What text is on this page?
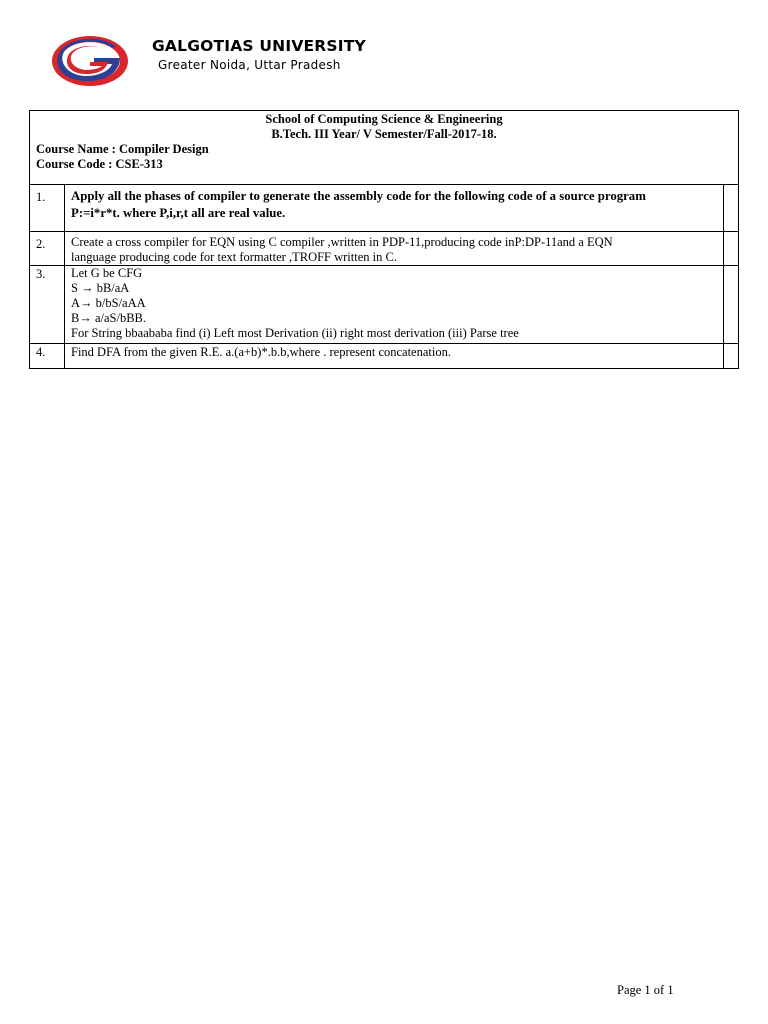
GALGOTIAS UNIVERSITY
Greater Noida, Uttar Pradesh
School of Computing Science & Engineering
B.Tech. III Year/ V Semester/Fall-2017-18.
Course Name : Compiler Design
Course Code : CSE-313
1. Apply all the phases of compiler to generate the assembly code for the following code of a source program
P:=i*r*t. where P,i,r,t all are real value.
2. Create a cross compiler for EQN using C compiler ,written in PDP-11,producing code inP:DP-11and a EQN
language producing code for text formatter ,TROFF written in C.
3. Let G be CFG
S → bB/aA
A→ b/bS/aAA
B→ a/aS/bBB.
For String bbaababa find (i) Left most Derivation (ii) right most derivation (iii) Parse tree
4. Find DFA from the given R.E. a.(a+b)*.b.b,where . represent concatenation.
Page 1 of 1
